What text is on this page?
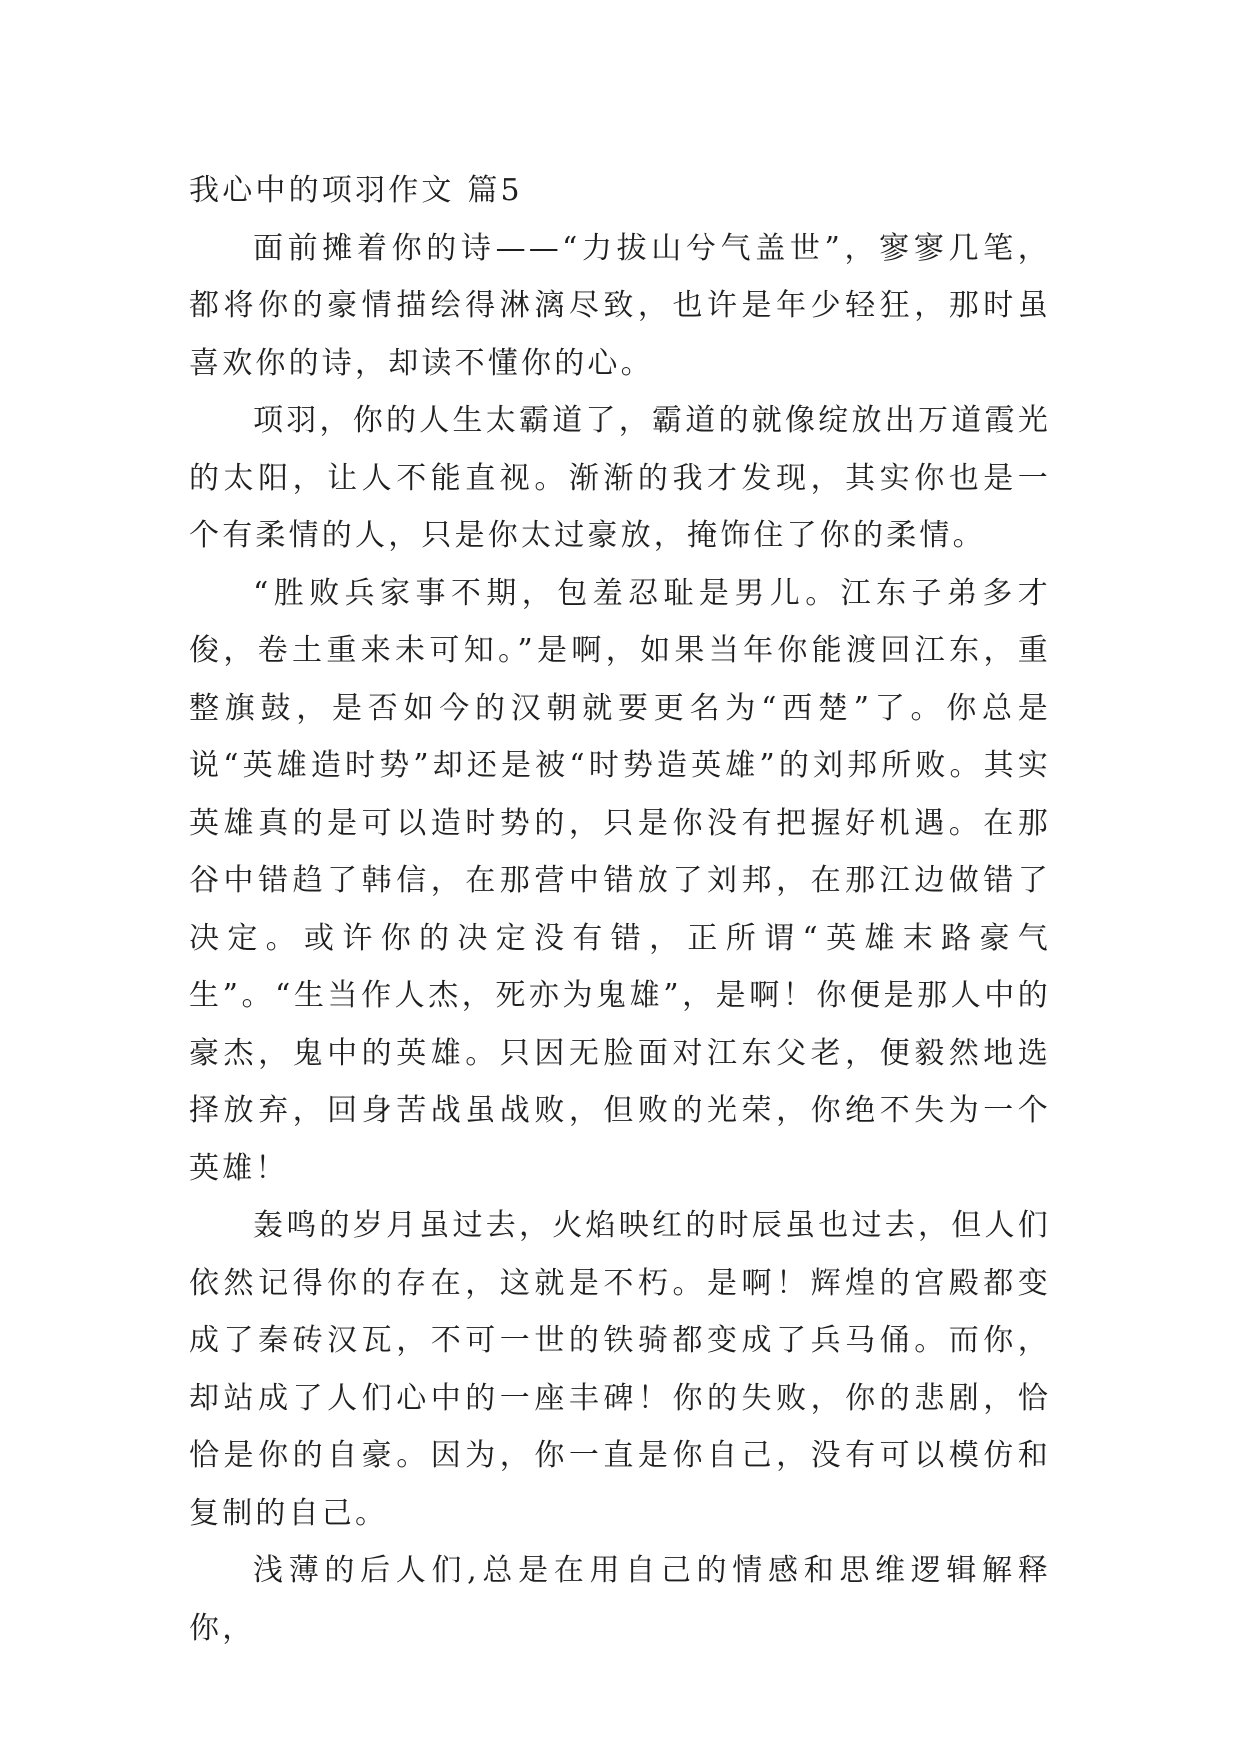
我心中的项羽作文 篇5

面前摊着你的诗——“力拔山兮气盖世”，寥寥几笔，都将你的豪情描绘得淋漓尽致，也许是年少轻狂，那时虽喜欢你的诗，却读不懂你的心。

项羽，你的人生太霸道了，霸道的就像绽放出万道霞光的太阳，让人不能直视。渐渐的我才发现，其实你也是一个有柔情的人，只是你太过豪放，掩饰住了你的柔情。

“胜败兵家事不期，包羞忍耻是男儿。江东子弟多才俊，卷土重来未可知。”是啊，如果当年你能渡回江东，重整旗鼓，是否如今的汉朝就要更名为“西楚”了。你总是说“英雄造时势”却还是被“时势造英雄”的刘邦所败。其实英雄真的是可以造时势的，只是你没有把握好机遇。在那谷中错趋了韩信，在那营中错放了刘邦，在那江边做错了决定。或许你的决定没有错，正所谓“英雄末路豪气生”。“生当作人杰，死亦为鬼雄”，是啊！你便是那人中的豪杰，鬼中的英雄。只因无脸面对江东父老，便毅然地选择放弃，回身苦战虽战败，但败的光荣，你绝不失为一个英雄！

轰鸣的岁月虽过去，火焰映红的时辰虽也过去，但人们依然记得你的存在，这就是不朽。是啊！辉煌的宫殿都变成了秦砖汉瓦，不可一世的铁骑都变成了兵马俑。而你，却站成了人们心中的一座丰碑！你的失败，你的悲剧，恰恰是你的自豪。因为，你一直是你自己，没有可以模仿和复制的自己。

浅薄的后人们,总是在用自己的情感和思维逻辑解释你，
